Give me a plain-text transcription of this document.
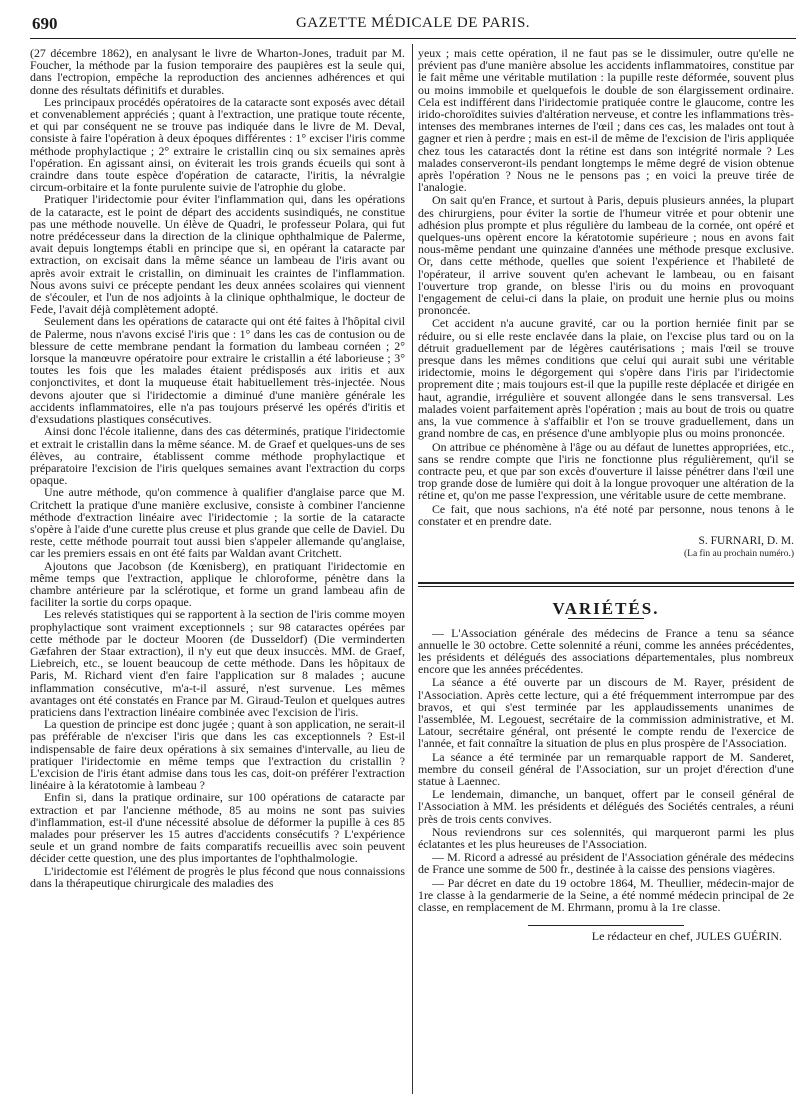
690	GAZETTE MÉDICALE DE PARIS.

(27 décembre 1862), en analysant le livre de Wharton-Jones, traduit par M. Foucher, la méthode par la fusion temporaire des paupières est la seule qui, dans l'ectropion, empêche la reproduction des anciennes adhérences et qui donne des résultats définitifs et durables.

Les principaux procédés opératoires de la cataracte sont exposés avec détail et convenablement appréciés ; quant à l'extraction, une pratique toute récente, et qui par conséquent ne se trouve pas indiquée dans le livre de M. Deval, consiste à faire l'opération à deux époques différentes : 1° exciser l'iris comme méthode prophylactique ; 2° extraire le cristallin cinq ou six semaines après l'opération. En agissant ainsi, on éviterait les trois grands écueils qui sont à craindre dans toute espèce d'opération de cataracte, l'iritis, la névralgie circum-orbitaire et la fonte purulente suivie de l'atrophie du globe.

Pratiquer l'iridectomie pour éviter l'inflammation qui, dans les opérations de la cataracte, est le point de départ des accidents susindiqués, ne constitue pas une méthode nouvelle. Un élève de Quadri, le professeur Polara, qui fut notre prédécesseur dans la direction de la clinique ophthalmique de Palerme, avait depuis longtemps établi en principe que si, en opérant la cataracte par extraction, on excisait dans la même séance un lambeau de l'iris avant ou après avoir extrait le cristallin, on diminuait les craintes de l'inflammation. Nous avons suivi ce précepte pendant les deux années scolaires qui viennent de s'écouler, et l'un de nos adjoints à la clinique ophthalmique, le docteur de Fede, l'avait déjà complètement adopté.

Seulement dans les opérations de cataracte qui ont été faites à l'hôpital civil de Palerme, nous n'avons excisé l'iris que : 1° dans les cas de contusion ou de blessure de cette membrane pendant la formation du lambeau cornéen ; 2° lorsque la manœuvre opératoire pour extraire le cristallin a été laborieuse ; 3° toutes les fois que les malades étaient prédisposés aux iritis et aux conjonctivites, et dont la muqueuse était habituellement très-injectée. Nous devons ajouter que si l'iridectomie a diminué d'une manière générale les accidents inflammatoires, elle n'a pas toujours préservé les opérés d'iritis et d'exsudations plastiques consécutives.

Ainsi donc l'école italienne, dans des cas déterminés, pratique l'iridectomie et extrait le cristallin dans la même séance. M. de Graef et quelques-uns de ses élèves, au contraire, établissent comme méthode prophylactique et préparatoire l'excision de l'iris quelques semaines avant l'extraction du corps opaque.

Une autre méthode, qu'on commence à qualifier d'anglaise parce que M. Critchett la pratique d'une manière exclusive, consiste à combiner l'ancienne méthode d'extraction linéaire avec l'iridectomie ; la sortie de la cataracte s'opère à l'aide d'une curette plus creuse et plus grande que celle de Daviel. Du reste, cette méthode pourrait tout aussi bien s'appeler allemande qu'anglaise, car les premiers essais en ont été faits par Waldan avant Critchett.

Ajoutons que Jacobson (de Kœnisberg), en pratiquant l'iridectomie en même temps que l'extraction, applique le chloroforme, pénètre dans la chambre antérieure par la sclérotique, et forme un grand lambeau afin de faciliter la sortie du corps opaque.

Les relevés statistiques qui se rapportent à la section de l'iris comme moyen prophylactique sont vraiment exceptionnels ; sur 98 cataractes opérées par cette méthode par le docteur Mooren (de Dusseldorf) (Die verminderten Gæfahren der Staar extraction), il n'y eut que deux insuccès. MM. de Graef, Liebreich, etc., se louent beaucoup de cette méthode. Dans les hôpitaux de Paris, M. Richard vient d'en faire l'application sur 8 malades ; aucune inflammation consécutive, m'a-t-il assuré, n'est survenue. Les mêmes avantages ont été constatés en France par M. Giraud-Teulon et quelques autres praticiens dans l'extraction linéaire combinée avec l'excision de l'iris.

La question de principe est donc jugée ; quant à son application, ne serait-il pas préférable de n'exciser l'iris que dans les cas exceptionnels ? Est-il indispensable de faire deux opérations à six semaines d'intervalle, au lieu de pratiquer l'iridectomie en même temps que l'extraction du cristallin ? L'excision de l'iris étant admise dans tous les cas, doit-on préférer l'extraction linéaire à la kératotomie à lambeau ?

Enfin si, dans la pratique ordinaire, sur 100 opérations de cataracte par extraction et par l'ancienne méthode, 85 au moins ne sont pas suivies d'inflammation, est-il d'une nécessité absolue de déformer la pupille à ces 85 malades pour préserver les 15 autres d'accidents consécutifs ? L'expérience seule et un grand nombre de faits comparatifs recueillis avec soin peuvent décider cette question, une des plus importantes de l'ophthalmologie.

L'iridectomie est l'élément de progrès le plus fécond que nous connaissions dans la thérapeutique chirurgicale des maladies des

yeux ; mais cette opération, il ne faut pas se le dissimuler, outre qu'elle ne prévient pas d'une manière absolue les accidents inflammatoires, constitue par le fait même une véritable mutilation : la pupille reste déformée, souvent plus ou moins immobile et quelquefois le double de son élargissement ordinaire. Cela est indifférent dans l'iridectomie pratiquée contre le glaucome, contre les irido-choroïdites suivies d'altération nerveuse, et contre les inflammations très-intenses des membranes internes de l'œil ; dans ces cas, les malades ont tout à gagner et rien à perdre ; mais en est-il de même de l'excision de l'iris appliquée chez tous les cataractés dont la rétine est dans son intégrité normale ? Les malades conserveront-ils pendant longtemps le même degré de vision obtenue après l'opération ? Nous ne le pensons pas ; en voici la preuve tirée de l'analogie.

On sait qu'en France, et surtout à Paris, depuis plusieurs années, la plupart des chirurgiens, pour éviter la sortie de l'humeur vitrée et pour obtenir une adhésion plus prompte et plus régulière du lambeau de la cornée, ont opéré et quelques-uns opèrent encore la kératotomie supérieure ; nous en avons fait nous-même pendant une quinzaine d'années une méthode presque exclusive. Or, dans cette méthode, quelles que soient l'expérience et l'habileté de l'opérateur, il arrive souvent qu'en achevant le lambeau, ou en faisant l'ouverture trop grande, on blesse l'iris ou du moins en provoquant l'engagement de celui-ci dans la plaie, on produit une hernie plus ou moins prononcée.

Cet accident n'a aucune gravité, car ou la portion herniée finit par se réduire, ou si elle reste enclavée dans la plaie, on l'excise plus tard ou on la détruit graduellement par de légères cautérisations ; mais l'œil se trouve presque dans les mêmes conditions que celui qui aurait subi une véritable iridectomie, moins le dégorgement qui s'opère dans l'iris par l'iridectomie proprement dite ; mais toujours est-il que la pupille reste déplacée et dirigée en haut, agrandie, irrégulière et souvent allongée dans le sens transversal. Les malades voient parfaitement après l'opération ; mais au bout de trois ou quatre ans, la vue commence à s'affaiblir et l'on se trouve graduellement, dans un grand nombre de cas, en présence d'une amblyopie plus ou moins prononcée.

On attribue ce phénomène à l'âge ou au défaut de lunettes appropriées, etc., sans se rendre compte que l'iris ne fonctionne plus régulièrement, qu'il se contracte peu, et que par son excès d'ouverture il laisse pénétrer dans l'œil une trop grande dose de lumière qui doit à la longue provoquer une altération de la rétine et, qu'on me passe l'expression, une véritable usure de cette membrane.

Ce fait, que nous sachions, n'a été noté par personne, nous tenons à le constater et en prendre date.

S. FURNARI, D. M.
(La fin au prochain numéro.)
VARIÉTÉS.

— L'Association générale des médecins de France a tenu sa séance annuelle le 30 octobre. Cette solennité a réuni, comme les années précédentes, les présidents et délégués des associations départementales, plus nombreux encore que les années précédentes.

La séance a été ouverte par un discours de M. Rayer, président de l'Association. Après cette lecture, qui a été fréquemment interrompue par des bravos, et qui s'est terminée par les applaudissements unanimes de l'assemblée, M. Legouest, secrétaire de la commission administrative, et M. Latour, secrétaire général, ont présenté le compte rendu de l'exercice de l'année, et fait connaître la situation de plus en plus prospère de l'Association.

La séance a été terminée par un remarquable rapport de M. Sanderet, membre du conseil général de l'Association, sur un projet d'érection d'une statue à Laennec.

Le lendemain, dimanche, un banquet, offert par le conseil général de l'Association à MM. les présidents et délégués des Sociétés centrales, a réuni près de trois cents convives.

Nous reviendrons sur ces solennités, qui marqueront parmi les plus éclatantes et les plus heureuses de l'Association.

— M. Ricord a adressé au président de l'Association générale des médecins de France une somme de 500 fr., destinée à la caisse des pensions viagères.

— Par décret en date du 19 octobre 1864, M. Theullier, médecin-major de 1re classe à la gendarmerie de la Seine, a été nommé médecin principal de 2e classe, en remplacement de M. Ehrmann, promu à la 1re classe.

Le rédacteur en chef, JULES GUÉRIN.
